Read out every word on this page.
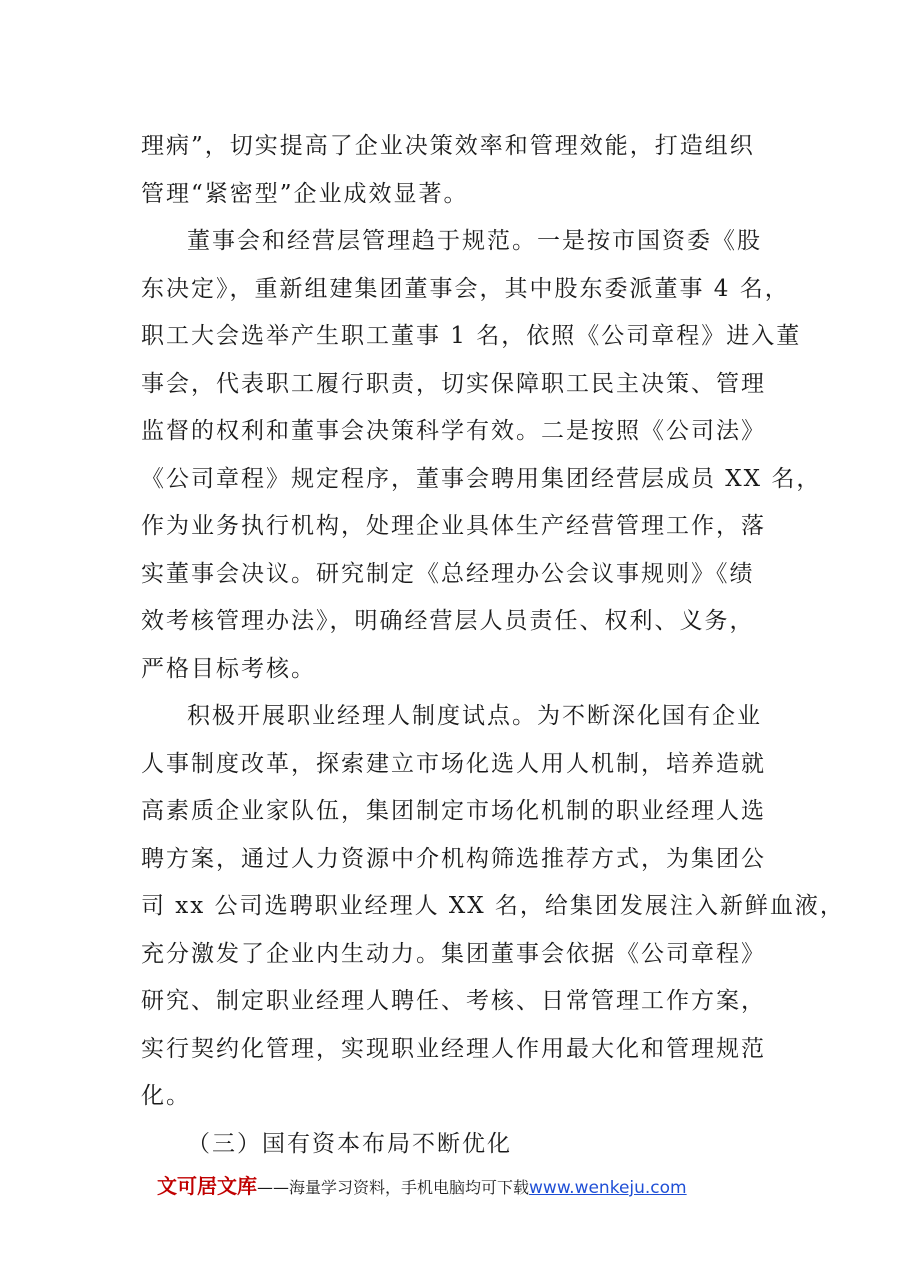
理病”，切实提高了企业决策效率和管理效能，打造组织
管理“紧密型”企业成效显著。
董事会和经营层管理趋于规范。一是按市国资委《股
东决定》，重新组建集团董事会，其中股东委派董事 4 名，
职工大会选举产生职工董事 1 名，依照《公司章程》进入董
事会，代表职工履行职责，切实保障职工民主决策、管理
监督的权利和董事会决策科学有效。二是按照《公司法》
《公司章程》规定程序，董事会聘用集团经营层成员 XX 名，
作为业务执行机构，处理企业具体生产经营管理工作，落
实董事会决议。研究制定《总经理办公会议事规则》《绩
效考核管理办法》，明确经营层人员责任、权利、义务，
严格目标考核。
积极开展职业经理人制度试点。为不断深化国有企业
人事制度改革，探索建立市场化选人用人机制，培养造就
高素质企业家队伍，集团制定市场化机制的职业经理人选
聘方案，通过人力资源中介机构筛选推荐方式，为集团公
司 xx 公司选聘职业经理人 XX 名，给集团发展注入新鲜血液，
充分激发了企业内生动力。集团董事会依据《公司章程》
研究、制定职业经理人聘任、考核、日常管理工作方案，
实行契约化管理，实现职业经理人作用最大化和管理规范
化。
（三）国有资本布局不断优化
文可居文库——海量学习资料，手机电脑均可下载www.wenkeju.com
